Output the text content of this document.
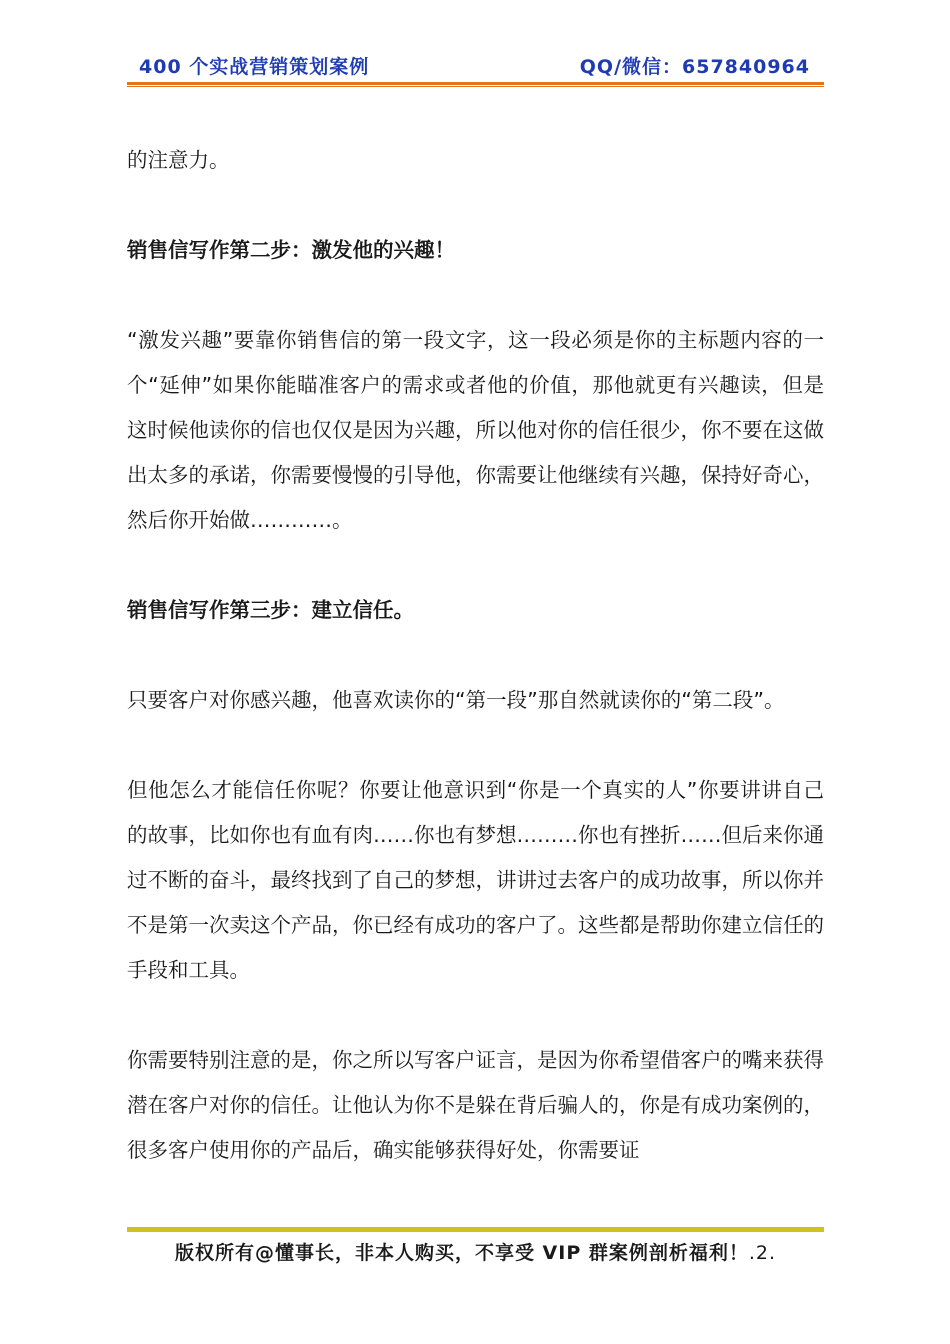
400 个实战营销策划案例	QQ/微信：657840964

的注意力。

销售信写作第二步：激发他的兴趣！

“激发兴趣”要靠你销售信的第一段文字，这一段必须是你的主标题内容的一个“延伸”如果你能瞄准客户的需求或者他的价值，那他就更有兴趣读，但是这时候他读你的信也仅仅是因为兴趣，所以他对你的信任很少，你不要在这做出太多的承诺，你需要慢慢的引导他，你需要让他继续有兴趣，保持好奇心，然后你开始做…………。

销售信写作第三步：建立信任。

只要客户对你感兴趣，他喜欢读你的“第一段”那自然就读你的“第二段”。

但他怎么才能信任你呢？你要让他意识到“你是一个真实的人”你要讲讲自己的故事，比如你也有血有肉……你也有梦想………你也有挫折……但后来你通过不断的奋斗，最终找到了自己的梦想，讲讲过去客户的成功故事，所以你并不是第一次卖这个产品，你已经有成功的客户了。这些都是帮助你建立信任的手段和工具。

你需要特别注意的是，你之所以写客户证言，是因为你希望借客户的嘴来获得潜在客户对你的信任。让他认为你不是躲在背后骗人的，你是有成功案例的，很多客户使用你的产品后，确实能够获得好处，你需要证

版权所有@懂事长，非本人购买，不享受 VIP 群案例剖析福利！.2.
